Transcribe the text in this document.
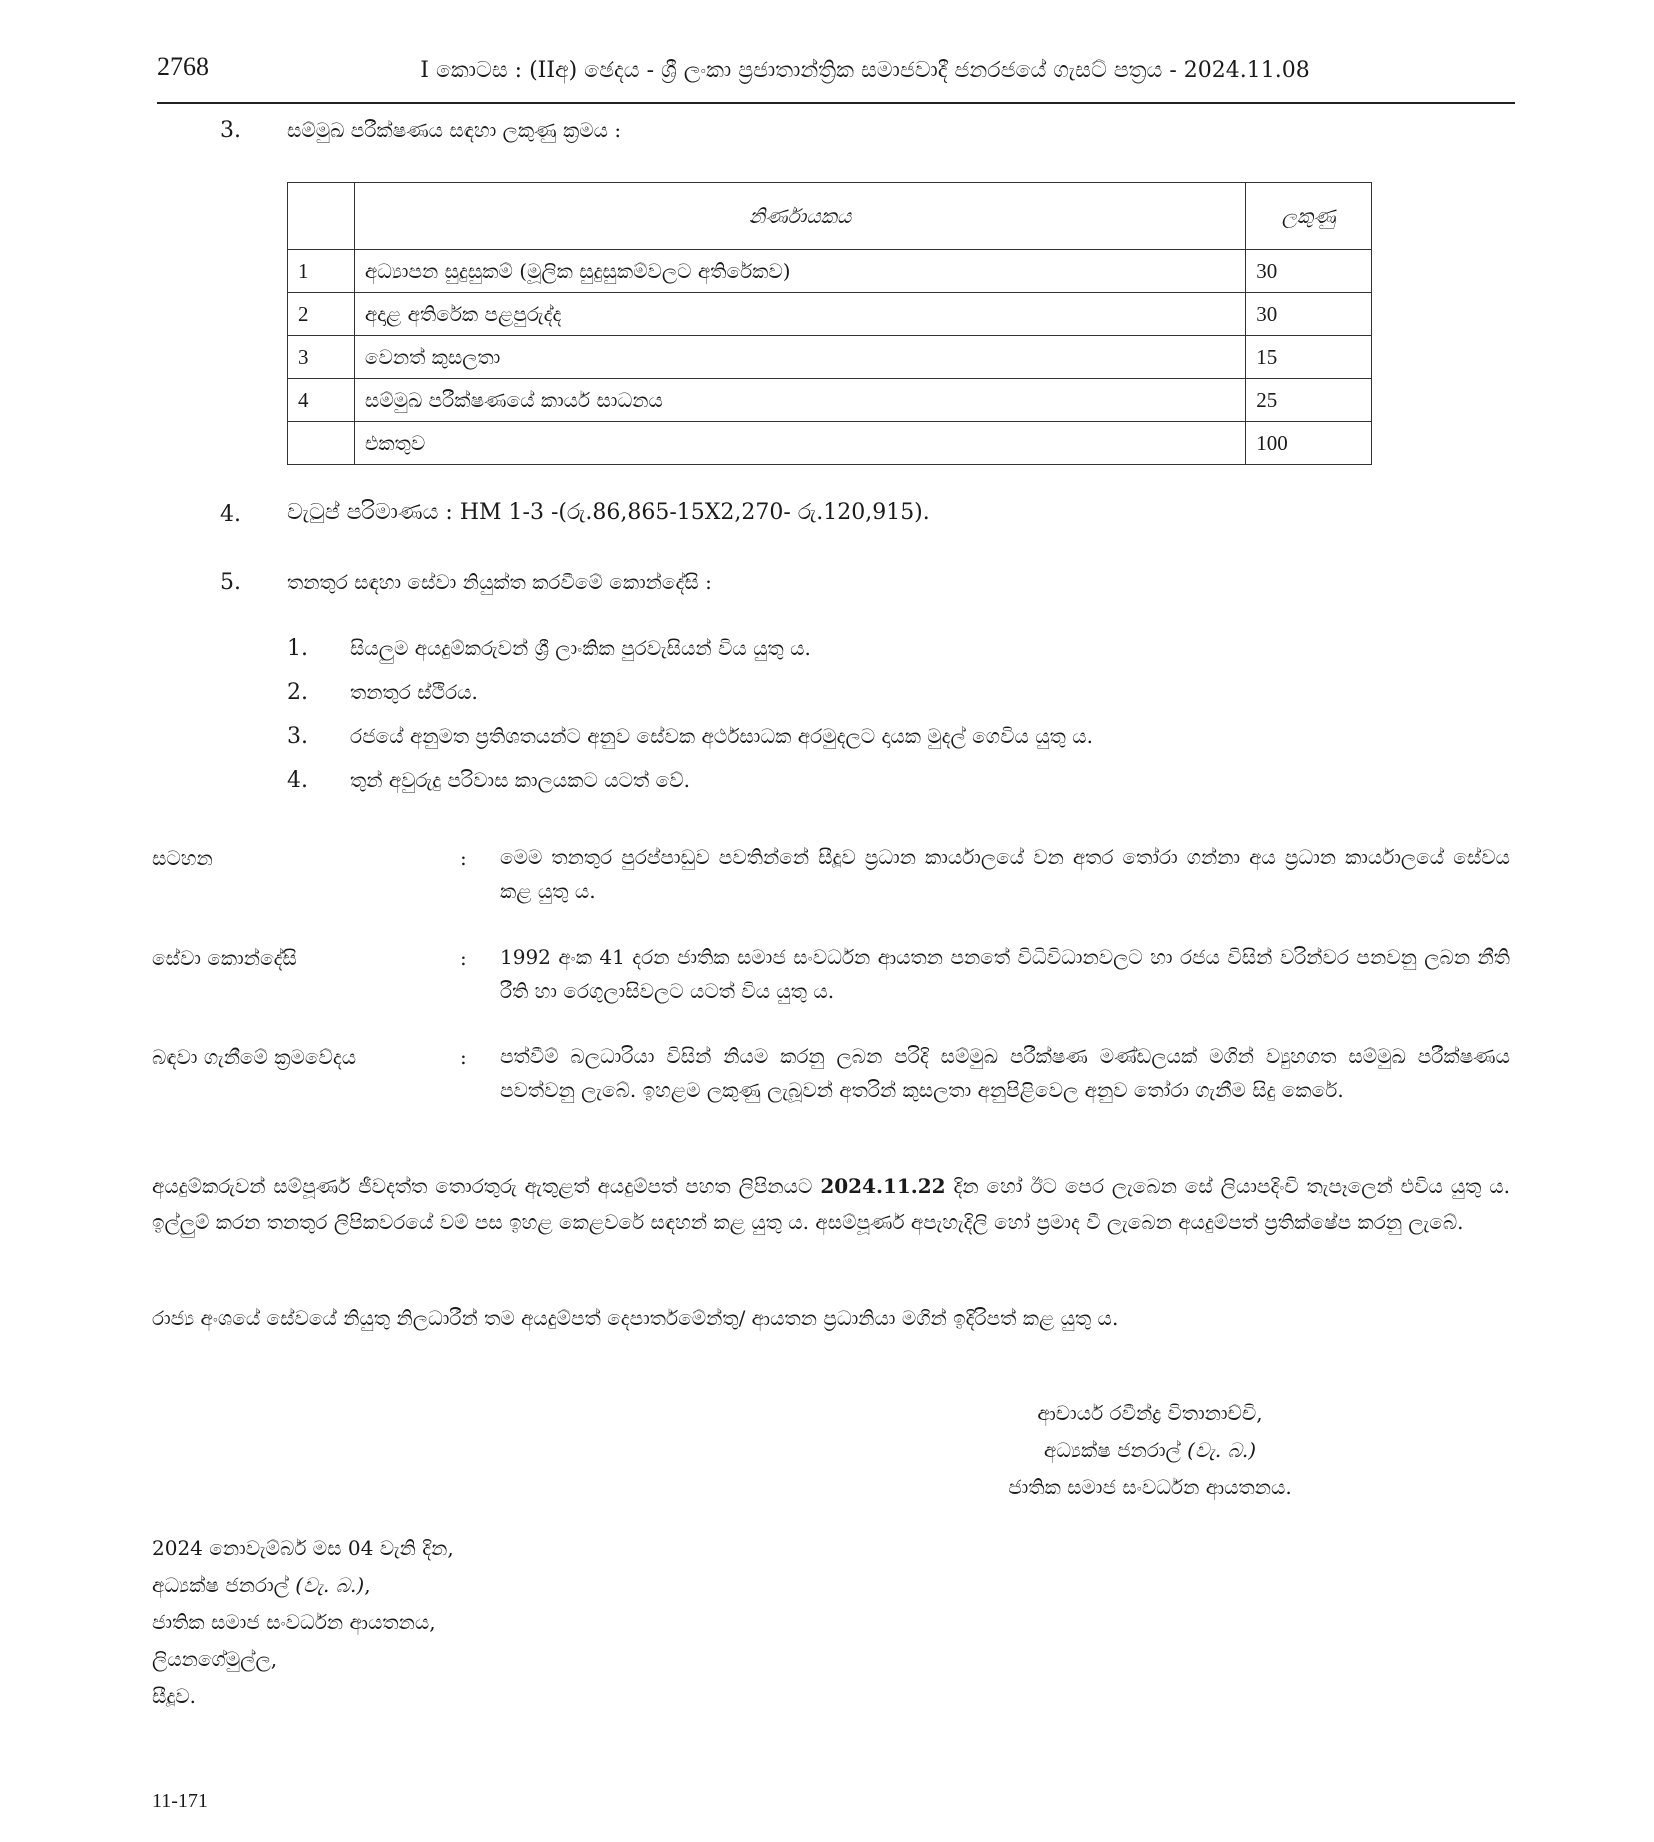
2768	I කොටස : (IIඅ) ඡෙදය - ශ්‍රී ලංකා ප්‍රජාතාන්ත්‍රික සමාජවාදී ජනරජයේ ගැසට් පත්‍රය - 2024.11.08
3. සම්මුඛ පරීක්ෂණය සඳහා ලකුණු ක්‍රමය :
	නිර්ණායකය	ලකුණු
1	අධ්‍යාපන සුදුසුකම් (මූලික සුදුසුකම්වලට අතිරේකව)	30
2	අදාළ අතිරේක පළපුරුද්ද	30
3	වෙනත් කුසලතා	15
4	සම්මුඛ පරීක්ෂණයේ කාර්ය සාධනය	25
	එකතුව	100
4. වැටුප් පරිමාණය : HM 1-3 -(රු.86,865-15X2,270- රු.120,915).
5. තනතුර සඳහා සේවා නියුක්ත කරවීමේ කොන්දේසි :
1. සියලුම අයදුම්කරුවන් ශ්‍රී ලාංකික පුරවැසියන් විය යුතු ය.
2. තනතුර ස්ථිරය.
3. රජයේ අනුමත ප්‍රතිශතයන්ට අනුව සේවක අර්ථසාධක අරමුදලට දායක මුදල් ගෙවිය යුතු ය.
4. තුන් අවුරුදු පරිවාස කාලයකට යටත් වේ.
සටහන	: මෙම තනතුර පුරප්පාඩුව පවතින්නේ සීදූව ප්‍රධාන කාර්යාලයේ වන අතර තෝරා ගන්නා අය ප්‍රධාන කාර්යාලයේ සේවය කළ යුතු ය.
සේවා කොන්දේසි	: 1992 අංක 41 දරන ජාතික සමාජ සංවර්ධන ආයතන පනතේ විධිවිධානවලට හා රජය විසින් වරින්වර පනවනු ලබන නීති රීති හා රෙගුලාසිවලට යටත් විය යුතු ය.
බඳවා ගැනීමේ ක්‍රමවේදය	: පත්වීම් බලධාරියා විසින් නියම කරනු ලබන පරිදි සම්මුඛ පරීක්ෂණ මණ්ඩලයක් මගින් ව්‍යුහගත සම්මුඛ පරීක්ෂණය පවත්වනු ලැබේ. ඉහළම ලකුණු ලැබූවන් අතරින් කුසලතා අනුපිළිවෙල අනුව තෝරා ගැනීම සිදු කෙරේ.
අයදුම්කරුවන් සම්පූර්ණ ජීවදත්ත තොරතුරු ඇතුළත් අයදුම්පත් පහත ලිපිනයට 2024.11.22 දින හෝ ඊට පෙර ලැබෙන සේ ලියාපදිංචි තැපෑලෙන් එවිය යුතු ය. ඉල්ලුම් කරන තනතුර ලිපිකවරයේ වම් පස ඉහළ කෙළවරේ සඳහන් කළ යුතු ය. අසම්පූර්ණ අපැහැදිලි හෝ ප්‍රමාද වී ලැබෙන අයදුම්පත් ප්‍රතික්ෂේප කරනු ලැබේ.
රාජ්‍ය අංශයේ සේවයේ නියුතු නිලධාරීන් තම අයදුම්පත් දෙපාර්තමේන්තු/ ආයතන ප්‍රධානියා මගින් ඉදිරිපත් කළ යුතු ය.
ආචාර්ය රවීන්ද්‍ර විතානාච්චි,
අධ්‍යක්ෂ ජනරාල් (වැ. බ.)
ජාතික සමාජ සංවර්ධන ආයතනය.
2024 නොවැම්බර් මස 04 වැනි දින,
අධ්‍යක්ෂ ජනරාල් (වැ. බ.),
ජාතික සමාජ සංවර්ධන ආයතනය,
ලියනගේමුල්ල,
සීදූව.
11-171
